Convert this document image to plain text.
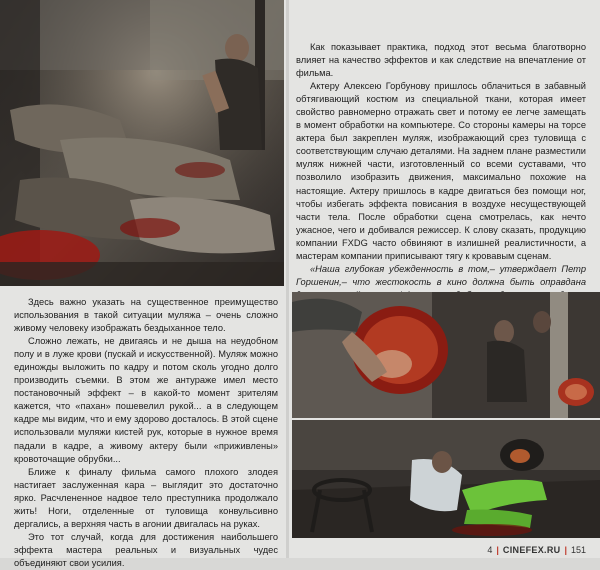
Как показывает практика, подход этот весьма благотворно влияет на качество эффектов и как следствие на впечатление от фильма.

Актеру Алексею Горбунову пришлось облачиться в забавный обтягивающий костюм из специальной ткани, которая имеет свойство равномерно отражать свет и потому ее легче замещать в момент обработки на компьютере. Со стороны камеры на торсе актера был закреплен муляж, изображающий срез туловища с соответствующим случаю деталями. На заднем плане разместили муляж нижней части, изготовленный со всеми суставами, что позволило изобразить движения, максимально похожие на настоящие. Актеру пришлось в кадре двигаться без помощи ног, чтобы избегать эффекта повисания в воздухе несуществующей части тела. После обработки сцена смотрелась, как нечто ужасное, чего и добивался режиссер. К слову сказать, продукцию компании FXDG часто обвиняют в излишней реалистичности, а мастерам компании приписывают тягу к кровавым сценам.

«Наша глубокая убежденность в том,– утверждает Петр Горшенин,– что жестокость в кино должна быть оправдана

Здесь важно указать на существенное преимущество использования в такой ситуации муляжа – очень сложно живому человеку изображать бездыханное тело.

Сложно лежать, не двигаясь и не дыша на неудобном полу и в луже крови (пускай и искусственной). Муляж можно единожды выложить по кадру и потом сколь угодно долго производить съемки. В этом же антураже имел место постановочный эффект – в какой-то момент зрителям кажется, что «пахан» пошевелил рукой... а в следующем кадре мы видим, что и ему здорово досталось. В этой сцене использовали муляжи кистей рук, которые в нужное время падали в кадре, а живому актеру были «приживлены» кровоточащие обрубки...

Ближе к финалу фильма самого плохого злодея настигает заслуженная кара – выглядит это достаточно ярко. Расчлененное надвое тело преступника продолжало жить! Ноги, отделенные от туловища конвульсивно дергались, а верхняя часть в агонии двигалась на руках.

Это тот случай, когда для достижения наибольшего эффекта мастера реальных и визуальных чудес объединяют свои усилия.

4 | CINEFEX.RU | 151
